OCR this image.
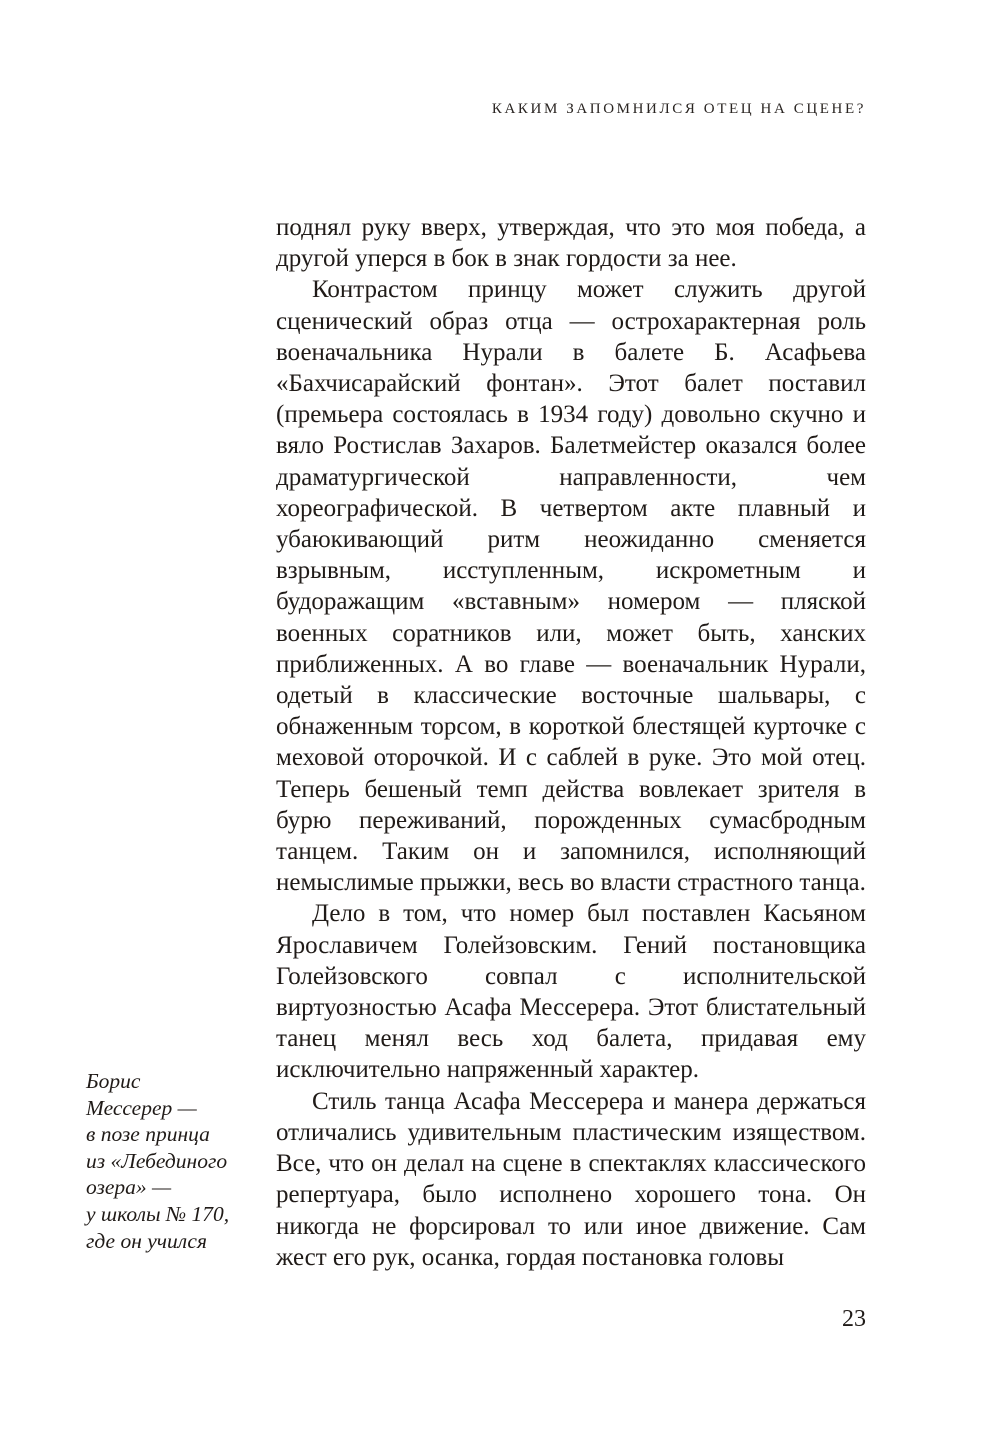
КАКИМ ЗАПОМНИЛСЯ ОТЕЦ НА СЦЕНЕ?

поднял руку вверх, утверждая, что это моя победа, а другой уперся в бок в знак гордости за нее.

Контрастом принцу может служить другой сценический образ отца — острохарактерная роль военачальника Нурали в балете Б. Асафьева «Бахчисарайский фонтан». Этот балет поставил (премьера состоялась в 1934 году) довольно скучно и вяло Ростислав Захаров. Балетмейстер оказался более драматургической направленности, чем хореографической. В четвертом акте плавный и убаюкивающий ритм неожиданно сменяется взрывным, исступленным, искрометным и будоражащим «вставным» номером — пляской военных соратников или, может быть, ханских приближенных. А во главе — военачальник Нурали, одетый в классические восточные шальвары, с обнаженным торсом, в короткой блестящей курточке с меховой оторочкой. И с саблей в руке. Это мой отец. Теперь бешеный темп действа вовлекает зрителя в бурю переживаний, порожденных сумасбродным танцем. Таким он и запомнился, исполняющий немыслимые прыжки, весь во власти страстного танца.

Дело в том, что номер был поставлен Касьяном Ярославичем Голейзовским. Гений постановщика Голейзовского совпал с исполнительской виртуозностью Асафа Мессерера. Этот блистательный танец менял весь ход балета, придавая ему исключительно напряженный характер.

Стиль танца Асафа Мессерера и манера держаться отличались удивительным пластическим изяществом. Все, что он делал на сцене в спектаклях классического репертуара, было исполнено хорошего тона. Он никогда не форсировал то или иное движение. Сам жест его рук, осанка, гордая постановка головы

Борис
Мессерер —
в позе принца
из «Лебединого
озера» —
у школы № 170,
где он учился
23
